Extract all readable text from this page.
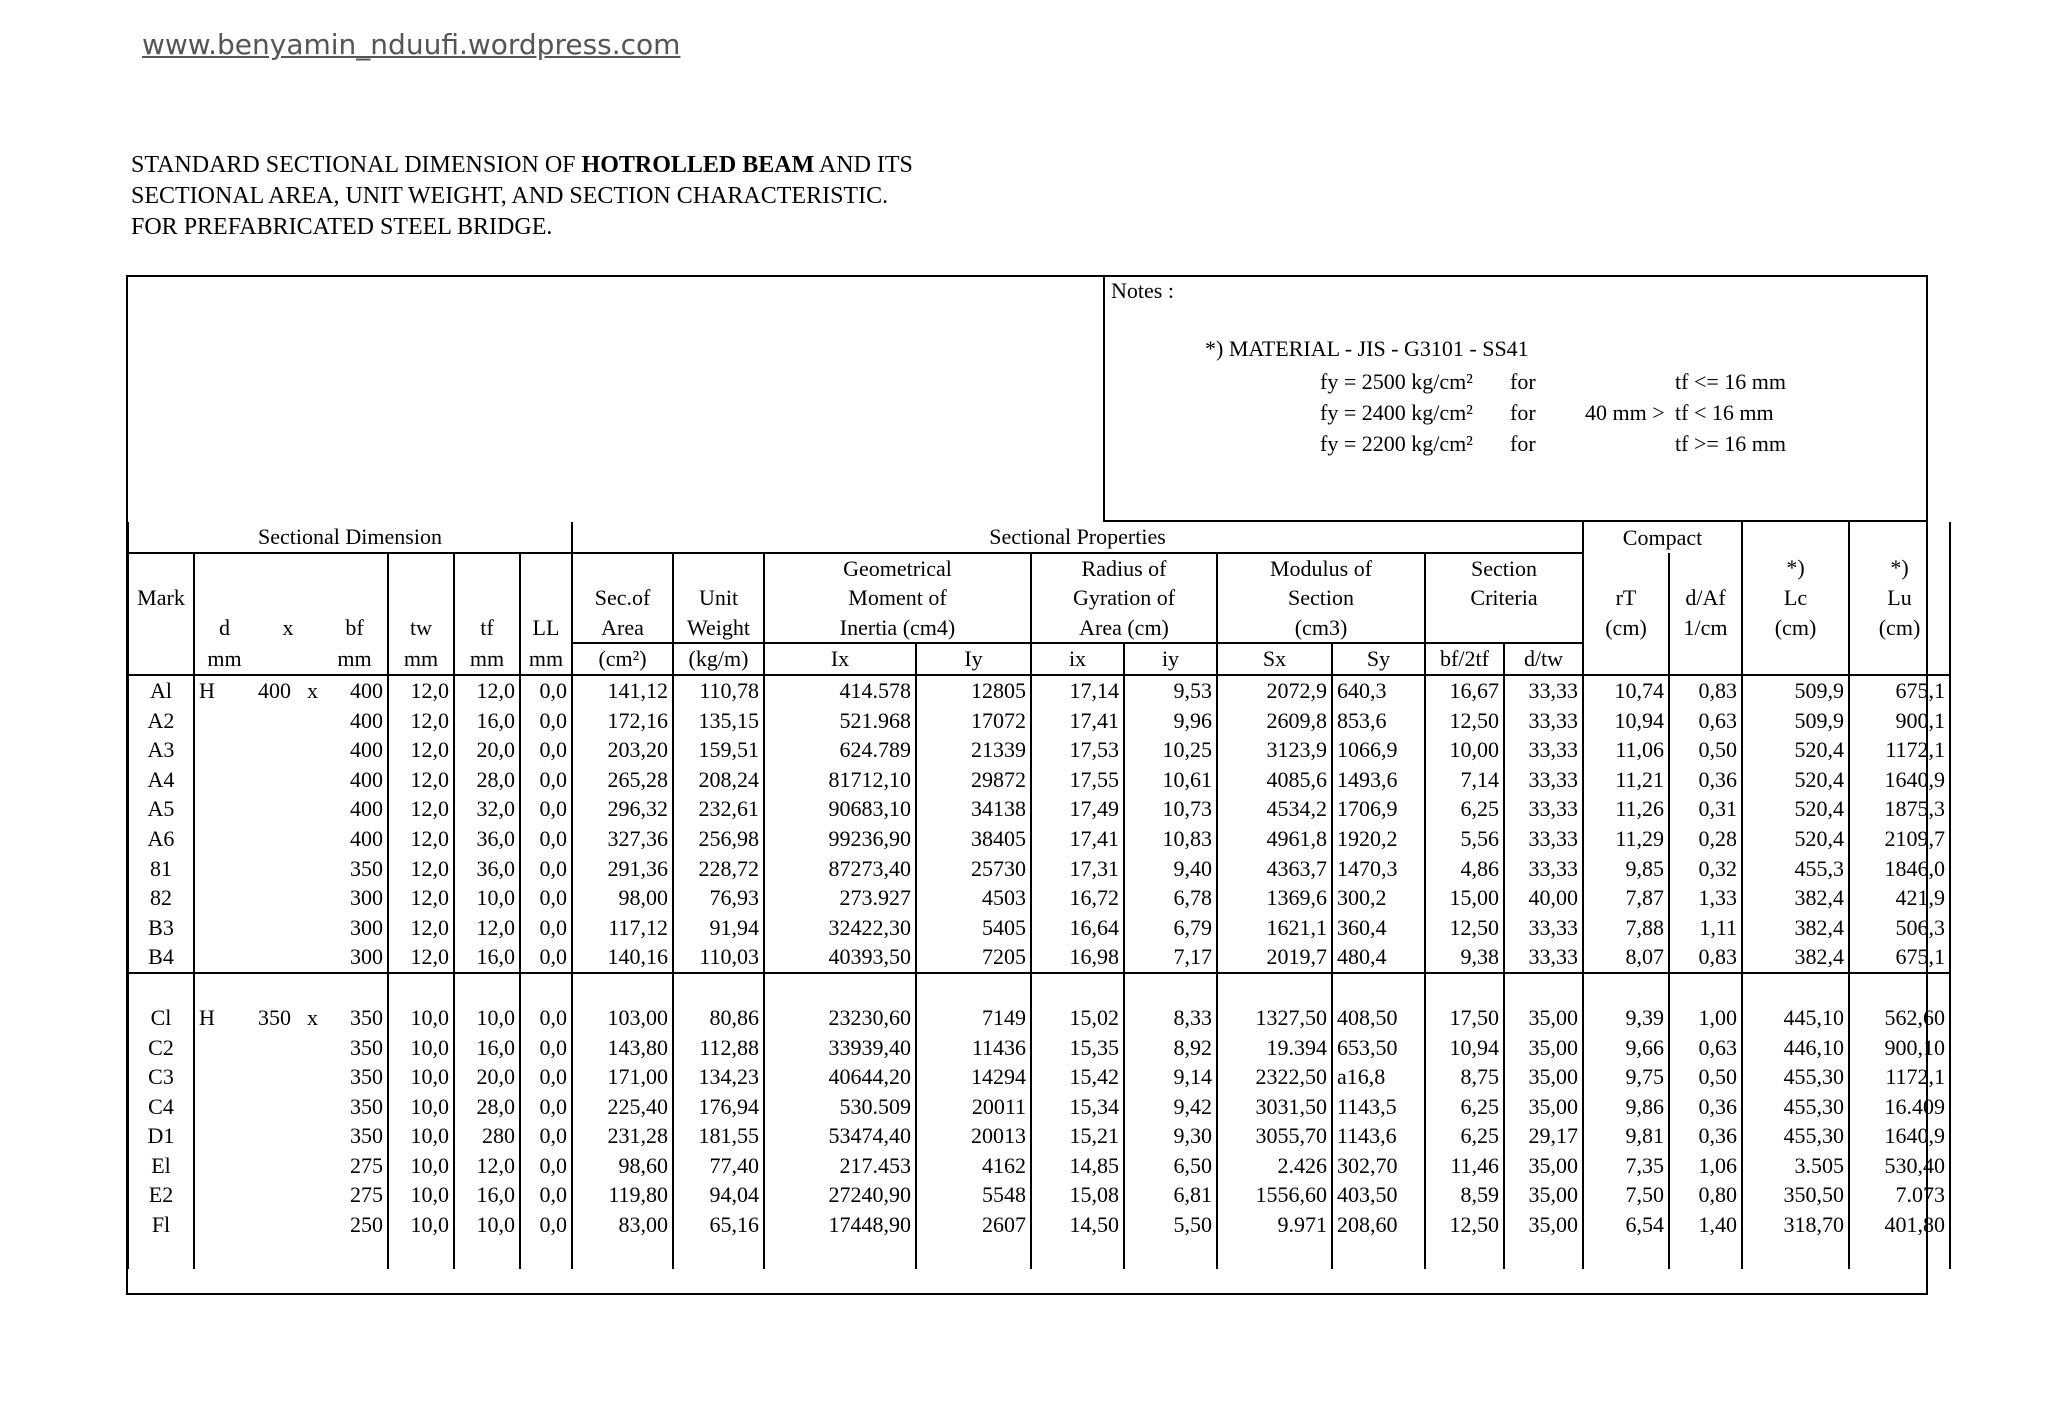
www.benyamin_nduufi.wordpress.com
STANDARD SECTIONAL DIMENSION OF HOTROLLED BEAM AND ITS
SECTIONAL AREA, UNIT WEIGHT, AND SECTION CHARACTERISTIC.
FOR PREFABRICATED STEEL BRIDGE.
Notes :
*) MATERIAL - JIS - G3101 - SS41
fy = 2500 kg/cm² for	tf <= 16 mm
fy = 2400 kg/cm² for 40 mm > tf < 16 mm
fy = 2200 kg/cm² for	tf >= 16 mm
Sectional Dimension							Sectional Properties										Compact			
									Geometrical		Radius of		Modulus of		Section				*)	*)
Mark							Sec.of	Unit	Moment of		Gyration of		Section		Criteria		rT	d/Af	Lc	Lu
	d	x	bf	tw	tf	LL	Area	Weight	Inertia (cm4)		Area (cm)		(cm3)				(cm)	1/cm	(cm)	(cm)
	mm		mm	mm	mm	mm	(cm²)	(kg/m)	Ix	Iy	ix	iy	Sx	Sy	bf/2tf	d/tw				
Al	H	400 x	400	12,0	12,0	0,0	141,12	110,78	414.578	12805	17,14	9,53	2072,9	640,3	16,67	33,33	10,74	0,83	509,9	675,1
A2			400	12,0	16,0	0,0	172,16	135,15	521.968	17072	17,41	9,96	2609,8	853,6	12,50	33,33	10,94	0,63	509,9	900,1
A3			400	12,0	20,0	0,0	203,20	159,51	624.789	21339	17,53	10,25	3123,9	1066,9	10,00	33,33	11,06	0,50	520,4	1172,1
A4			400	12,0	28,0	0,0	265,28	208,24	81712,10	29872	17,55	10,61	4085,6	1493,6	7,14	33,33	11,21	0,36	520,4	1640,9
A5			400	12,0	32,0	0,0	296,32	232,61	90683,10	34138	17,49	10,73	4534,2	1706,9	6,25	33,33	11,26	0,31	520,4	1875,3
A6			400	12,0	36,0	0,0	327,36	256,98	99236,90	38405	17,41	10,83	4961,8	1920,2	5,56	33,33	11,29	0,28	520,4	2109,7
81			350	12,0	36,0	0,0	291,36	228,72	87273,40	25730	17,31	9,40	4363,7	1470,3	4,86	33,33	9,85	0,32	455,3	1846,0
82			300	12,0	10,0	0,0	98,00	76,93	273.927	4503	16,72	6,78	1369,6	300,2	15,00	40,00	7,87	1,33	382,4	421,9
B3			300	12,0	12,0	0,0	117,12	91,94	32422,30	5405	16,64	6,79	1621,1	360,4	12,50	33,33	7,88	1,11	382,4	506,3
B4			300	12,0	16,0	0,0	140,16	110,03	40393,50	7205	16,98	7,17	2019,7	480,4	9,38	33,33	8,07	0,83	382,4	675,1

Cl	H	350 x	350	10,0	10,0	0,0	103,00	80,86	23230,60	7149	15,02	8,33	1327,50	408,50	17,50	35,00	9,39	1,00	445,10	562,60
C2			350	10,0	16,0	0,0	143,80	112,88	33939,40	11436	15,35	8,92	19.394	653,50	10,94	35,00	9,66	0,63	446,10	900,10
C3			350	10,0	20,0	0,0	171,00	134,23	40644,20	14294	15,42	9,14	2322,50	a16,8	8,75	35,00	9,75	0,50	455,30	1172,1
C4			350	10,0	28,0	0,0	225,40	176,94	530.509	20011	15,34	9,42	3031,50	1143,5	6,25	35,00	9,86	0,36	455,30	16.409
D1			350	10,0	280	0,0	231,28	181,55	53474,40	20013	15,21	9,30	3055,70	1143,6	6,25	29,17	9,81	0,36	455,30	1640,9
El			275	10,0	12,0	0,0	98,60	77,40	217.453	4162	14,85	6,50	2.426	302,70	11,46	35,00	7,35	1,06	3.505	530,40
E2			275	10,0	16,0	0,0	119,80	94,04	27240,90	5548	15,08	6,81	1556,60	403,50	8,59	35,00	7,50	0,80	350,50	7.073
Fl			250	10,0	10,0	0,0	83,00	65,16	17448,90	2607	14,50	5,50	9.971	208,60	12,50	35,00	6,54	1,40	318,70	401,80
